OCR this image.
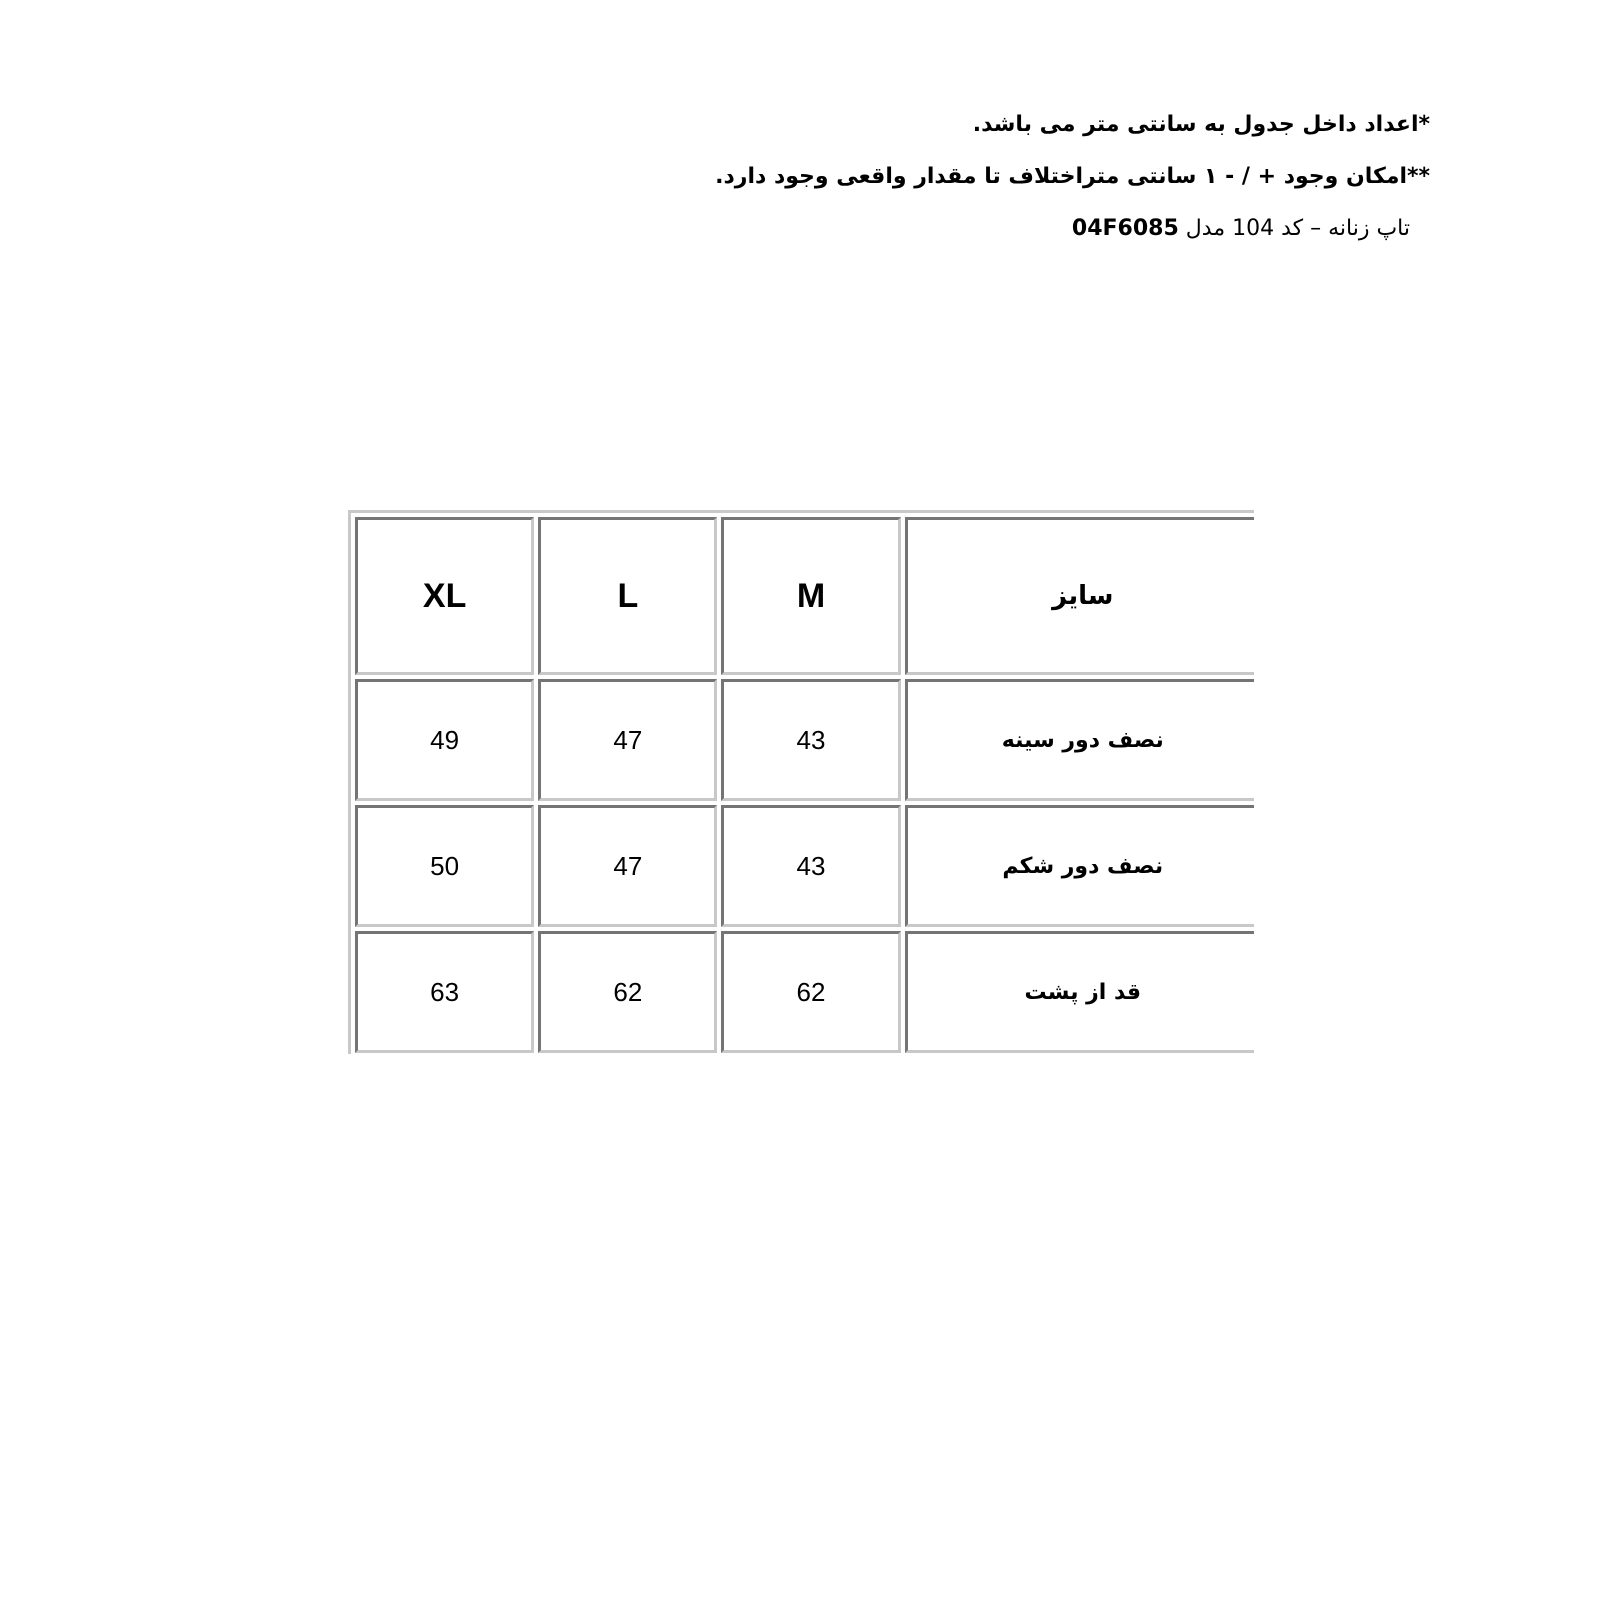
*اعداد داخل جدول به سانتی متر می باشد.
**امکان وجود + / - ۱ سانتی متراختلاف تا مقدار واقعی وجود دارد.
تاپ زنانه – کد 104 مدل 04F6085
سایز	M	L	XL
نصف دور سینه	43	47	49
نصف دور شکم	43	47	50
قد از پشت	62	62	63
